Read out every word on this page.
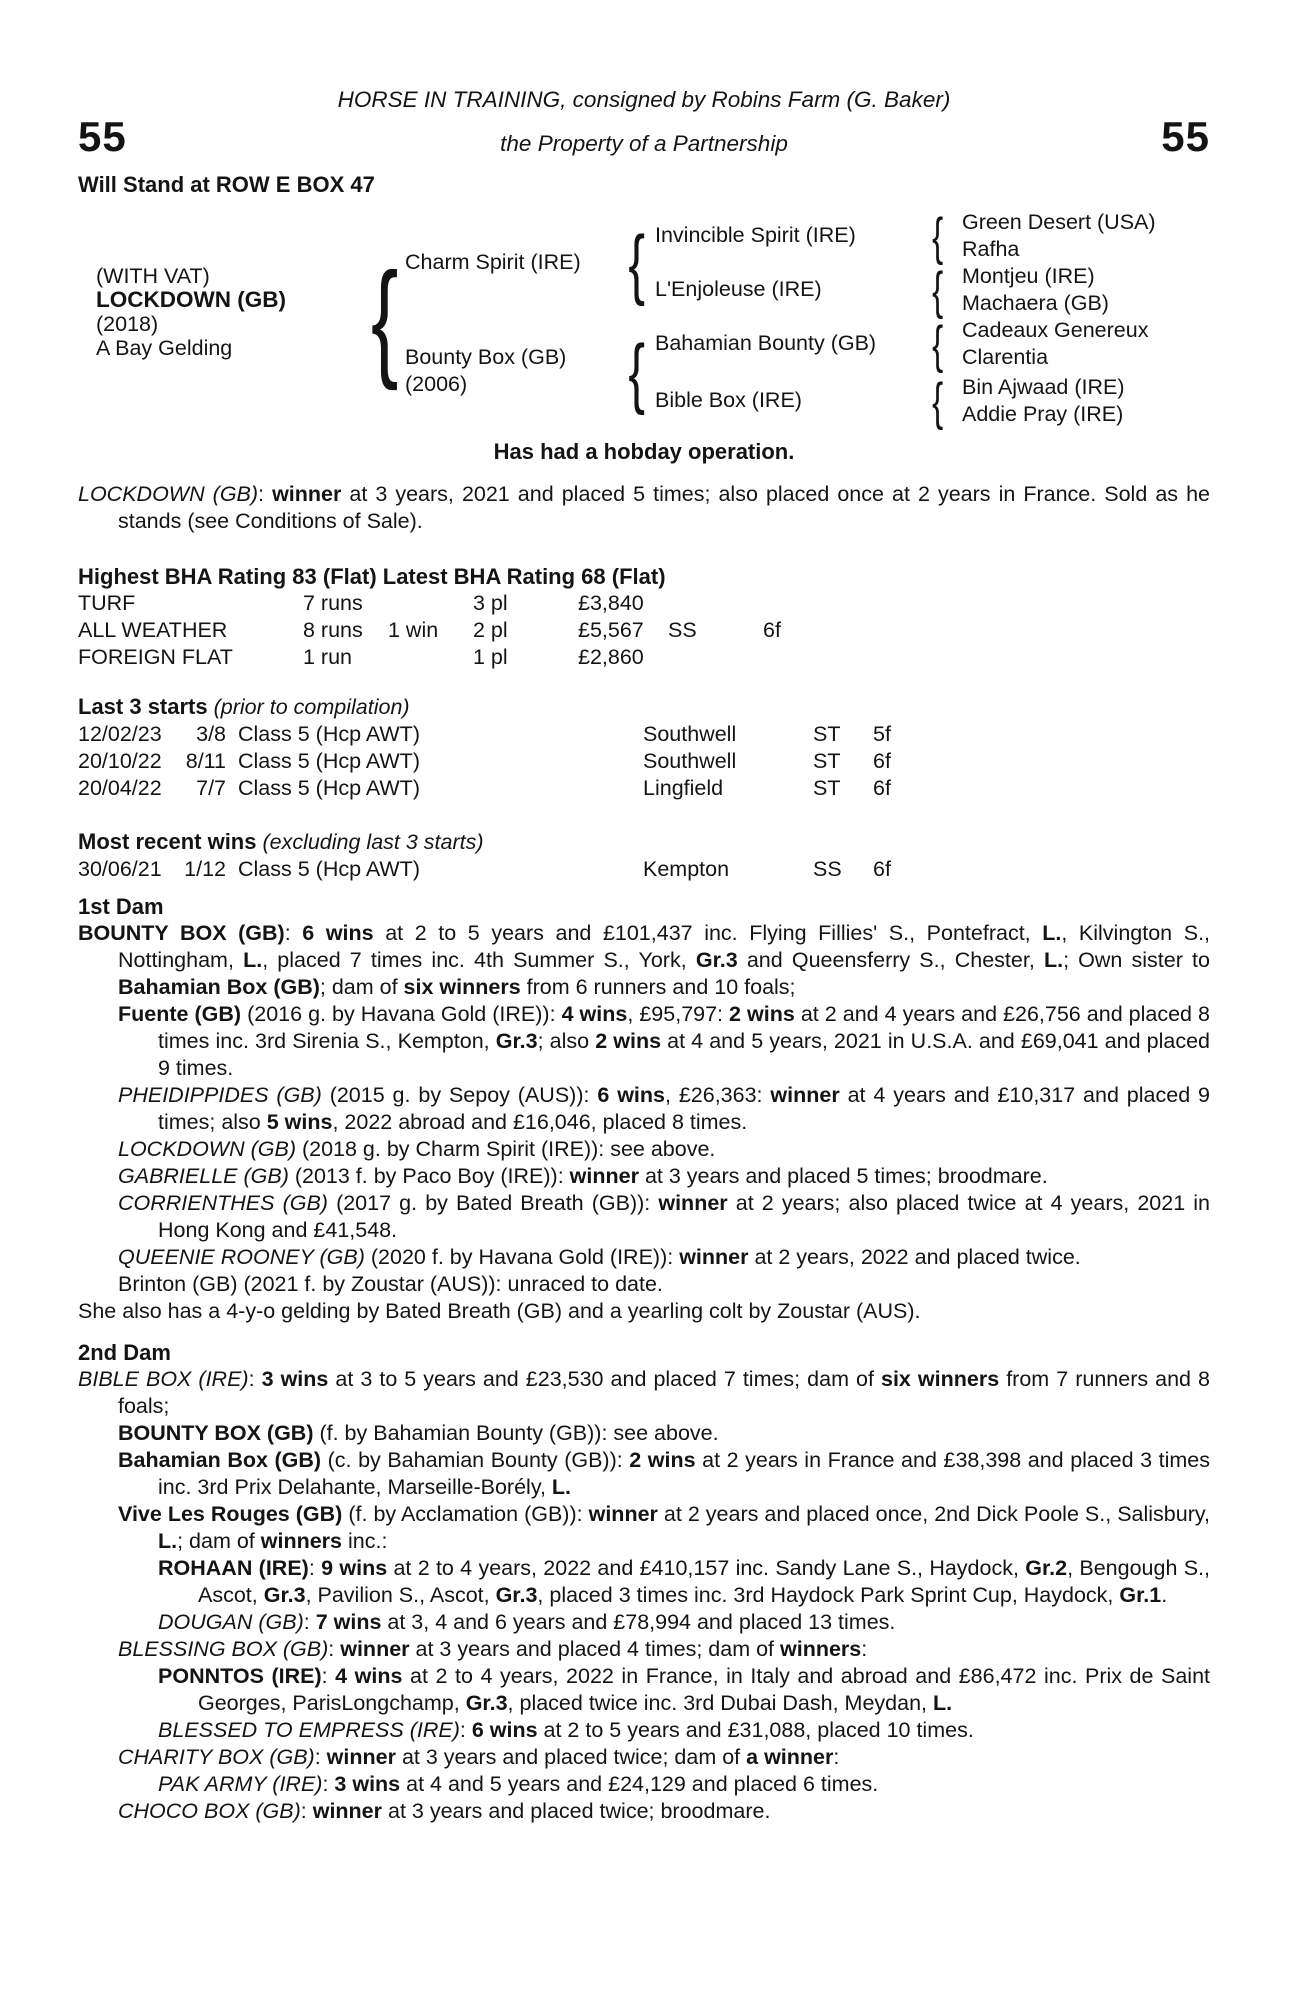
HORSE IN TRAINING, consigned by Robins Farm (G. Baker)
55	the Property of a Partnership	55
Will Stand at ROW E BOX 47
(WITH VAT)
LOCKDOWN (GB)
(2018)
A Bay Gelding
{
Charm Spirit (IRE)
Bounty Box (GB)
(2006)
{
{
Invincible Spirit (IRE)
L'Enjoleuse (IRE)
Bahamian Bounty (GB)
Bible Box (IRE)
{
{
{
{
Green Desert (USA)
Rafha
Montjeu (IRE)
Machaera (GB)
Cadeaux Genereux
Clarentia
Bin Ajwaad (IRE)
Addie Pray (IRE)
Has had a hobday operation.

LOCKDOWN (GB): winner at 3 years, 2021 and placed 5 times; also placed once at 2 years in France. Sold as he stands (see Conditions of Sale).

Highest BHA Rating 83 (Flat) Latest BHA Rating 68 (Flat)
TURF	7 runs	3 pl	£3,840
ALL WEATHER	8 runs	1 win	2 pl	£5,567	SS	6f
FOREIGN FLAT	1 run	1 pl	£2,860
Last 3 starts (prior to compilation)
12/02/23	3/8 Class 5 (Hcp AWT)	Southwell	ST	5f
20/10/22	8/11 Class 5 (Hcp AWT)	Southwell	ST	6f
20/04/22	7/7 Class 5 (Hcp AWT)	Lingfield	ST	6f
Most recent wins (excluding last 3 starts)
30/06/21	1/12 Class 5 (Hcp AWT)	Kempton	SS	6f
1st Dam

BOUNTY BOX (GB): 6 wins at 2 to 5 years and £101,437 inc. Flying Fillies' S., Pontefract, L., Kilvington S., Nottingham, L., placed 7 times inc. 4th Summer S., York, Gr.3 and Queensferry S., Chester, L.; Own sister to Bahamian Box (GB); dam of six winners from 6 runners and 10 foals;

Fuente (GB) (2016 g. by Havana Gold (IRE)): 4 wins, £95,797: 2 wins at 2 and 4 years and £26,756 and placed 8 times inc. 3rd Sirenia S., Kempton, Gr.3; also 2 wins at 4 and 5 years, 2021 in U.S.A. and £69,041 and placed 9 times.

PHEIDIPPIDES (GB) (2015 g. by Sepoy (AUS)): 6 wins, £26,363: winner at 4 years and £10,317 and placed 9 times; also 5 wins, 2022 abroad and £16,046, placed 8 times.

LOCKDOWN (GB) (2018 g. by Charm Spirit (IRE)): see above.

GABRIELLE (GB) (2013 f. by Paco Boy (IRE)): winner at 3 years and placed 5 times; broodmare.

CORRIENTHES (GB) (2017 g. by Bated Breath (GB)): winner at 2 years; also placed twice at 4 years, 2021 in Hong Kong and £41,548.

QUEENIE ROONEY (GB) (2020 f. by Havana Gold (IRE)): winner at 2 years, 2022 and placed twice.

Brinton (GB) (2021 f. by Zoustar (AUS)): unraced to date.

She also has a 4-y-o gelding by Bated Breath (GB) and a yearling colt by Zoustar (AUS).

2nd Dam

BIBLE BOX (IRE): 3 wins at 3 to 5 years and £23,530 and placed 7 times; dam of six winners from 7 runners and 8 foals;

BOUNTY BOX (GB) (f. by Bahamian Bounty (GB)): see above.

Bahamian Box (GB) (c. by Bahamian Bounty (GB)): 2 wins at 2 years in France and £38,398 and placed 3 times inc. 3rd Prix Delahante, Marseille-Borély, L.

Vive Les Rouges (GB) (f. by Acclamation (GB)): winner at 2 years and placed once, 2nd Dick Poole S., Salisbury, L.; dam of winners inc.:

ROHAAN (IRE): 9 wins at 2 to 4 years, 2022 and £410,157 inc. Sandy Lane S., Haydock, Gr.2, Bengough S., Ascot, Gr.3, Pavilion S., Ascot, Gr.3, placed 3 times inc. 3rd Haydock Park Sprint Cup, Haydock, Gr.1.

DOUGAN (GB): 7 wins at 3, 4 and 6 years and £78,994 and placed 13 times.

BLESSING BOX (GB): winner at 3 years and placed 4 times; dam of winners:

PONNTOS (IRE): 4 wins at 2 to 4 years, 2022 in France, in Italy and abroad and £86,472 inc. Prix de Saint Georges, ParisLongchamp, Gr.3, placed twice inc. 3rd Dubai Dash, Meydan, L.

BLESSED TO EMPRESS (IRE): 6 wins at 2 to 5 years and £31,088, placed 10 times.

CHARITY BOX (GB): winner at 3 years and placed twice; dam of a winner:

PAK ARMY (IRE): 3 wins at 4 and 5 years and £24,129 and placed 6 times.

CHOCO BOX (GB): winner at 3 years and placed twice; broodmare.
